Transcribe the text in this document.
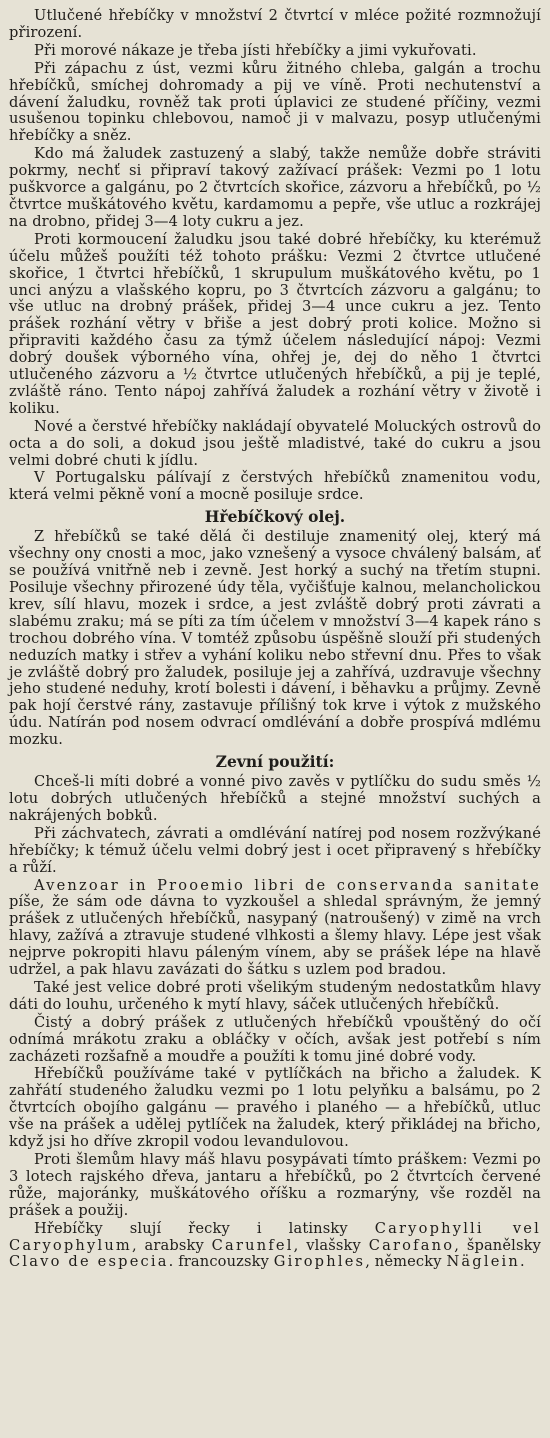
Utlučené hřebíčky v množství 2 čtvrtcí v mléce požité rozmnožují přirození.

Při morové nákaze je třeba jísti hřebíčky a jimi vykuřovati.

Při zápachu z úst, vezmi kůru žitného chleba, galgán a trochu hřebíčků, smíchej dohromady a pij ve víně. Proti nechutenství a dávení žaludku, rovněž tak proti úplavici ze studené příčiny, vezmi usušenou topinku chlebovou, namoč ji v malvazu, posyp utlučenými hřebíčky a sněz.

Kdo má žaludek zastuzený a slabý, takže nemůže dobře stráviti pokrmy, nechť si připraví takový zažívací prášek: Vezmi po 1 lotu puškvorce a galgánu, po 2 čtvrtcích skořice, zázvoru a hřebíčků, po ½ čtvrtce muškátového květu, kardamomu a pepře, vše utluc a rozkrájej na drobno, přidej 3—4 loty cukru a jez.

Proti kormoucení žaludku jsou také dobré hřebíčky, ku kterémuž účelu můžeš použíti též tohoto prášku: Vezmi 2 čtvrtce utlučené skořice, 1 čtvrtci hřebíčků, 1 skrupulum muškátového květu, po 1 unci anýzu a vlašského kopru, po 3 čtvrtcích zázvoru a galgánu; to vše utluc na drobný prášek, přidej 3—4 unce cukru a jez. Tento prášek rozhání větry v břiše a jest dobrý proti kolice. Možno si připraviti každého času za týmž účelem následující nápoj: Vezmi dobrý doušek výborného vína, ohřej je, dej do něho 1 čtvrtci utlučeného zázvoru a ½ čtvrtce utlučených hřebíčků, a pij je teplé, zvláště ráno. Tento nápoj zahřívá žaludek a rozhání větry v životě i koliku.

Nové a čerstvé hřebíčky nakládají obyvatelé Moluckých ostrovů do octa a do soli, a dokud jsou ještě mladistvé, také do cukru a jsou velmi dobré chuti k jídlu.

V Portugalsku pálívají z čerstvých hřebíčků znamenitou vodu, která velmi pěkně voní a mocně posiluje srdce.

Hřebíčkový olej.

Z hřebíčků se také dělá či destiluje znamenitý olej, který má všechny ony cnosti a moc, jako vznešený a vysoce chválený balsám, ať se používá vnitřně neb i zevně. Jest horký a suchý na třetím stupni. Posiluje všechny přirozené údy těla, vyčišťuje kalnou, melancholickou krev, sílí hlavu, mozek i srdce, a jest zvláště dobrý proti závrati a slabému zraku; má se píti za tím účelem v množství 3—4 kapek ráno s trochou dobrého vína. V tomtéž způsobu úspěšně slouží při studených neduzích matky i střev a vyhání koliku nebo střevní dnu. Přes to však je zvláště dobrý pro žaludek, posiluje jej a zahřívá, uzdravuje všechny jeho studené neduhy, krotí bolesti i dávení, i běhavku a průjmy. Zevně pak hojí čerstvé rány, zastavuje přílišný tok krve i výtok z mužského údu. Natírán pod nosem odvrací omdlévání a dobře prospívá mdlému mozku.

Zevní použití:

Chceš-li míti dobré a vonné pivo zavěs v pytlíčku do sudu směs ½ lotu dobrých utlučených hřebíčků a stejné množství suchých a nakrájených bobků.

Při záchvatech, závrati a omdlévání natírej pod nosem rozžvýkané hřebíčky; k témuž účelu velmi dobrý jest i ocet připravený s hřebíčky a růží.

Avenzoar in Prooemio libri de conservanda sanitate píše, že sám ode dávna to vyzkoušel a shledal správným, že jemný prášek z utlučených hřebíčků, nasypaný (natroušený) v zimě na vrch hlavy, zažívá a ztravuje studené vlhkosti a šlemy hlavy. Lépe jest však nejprve pokropiti hlavu páleným vínem, aby se prášek lépe na hlavě udržel, a pak hlavu zavázati do šátku s uzlem pod bradou.

Také jest velice dobré proti všelikým studeným nedostatkům hlavy dáti do louhu, určeného k mytí hlavy, sáček utlučených hřebíčků.

Čistý a dobrý prášek z utlučených hřebíčků vpouštěný do očí odnímá mrákotu zraku a obláčky v očích, avšak jest potřebí s ním zacházeti rozšafně a moudře a použíti k tomu jiné dobré vody.

Hřebíčků používáme také v pytlíčkách na břicho a žaludek. K zahřátí studeného žaludku vezmi po 1 lotu pelyňku a balsámu, po 2 čtvrtcích obojího galgánu — pravého i planého — a hřebíčků, utluc vše na prášek a udělej pytlíček na žaludek, který přikládej na břicho, když jsi ho dříve zkropil vodou levandulovou.

Proti šlemům hlavy máš hlavu posypávati tímto práškem: Vezmi po 3 lotech rajského dřeva, jantaru a hřebíčků, po 2 čtvrtcích červené růže, majoránky, muškátového oříšku a rozmarýny, vše rozděl na prášek a použij.

Hřebíčky slují řecky i latinsky Caryophylli vel Caryophylum, arabsky Carunfel, vlašsky Carofano, španělsky Clavo de especia. francouzsky Girophles, německy Näglein.
